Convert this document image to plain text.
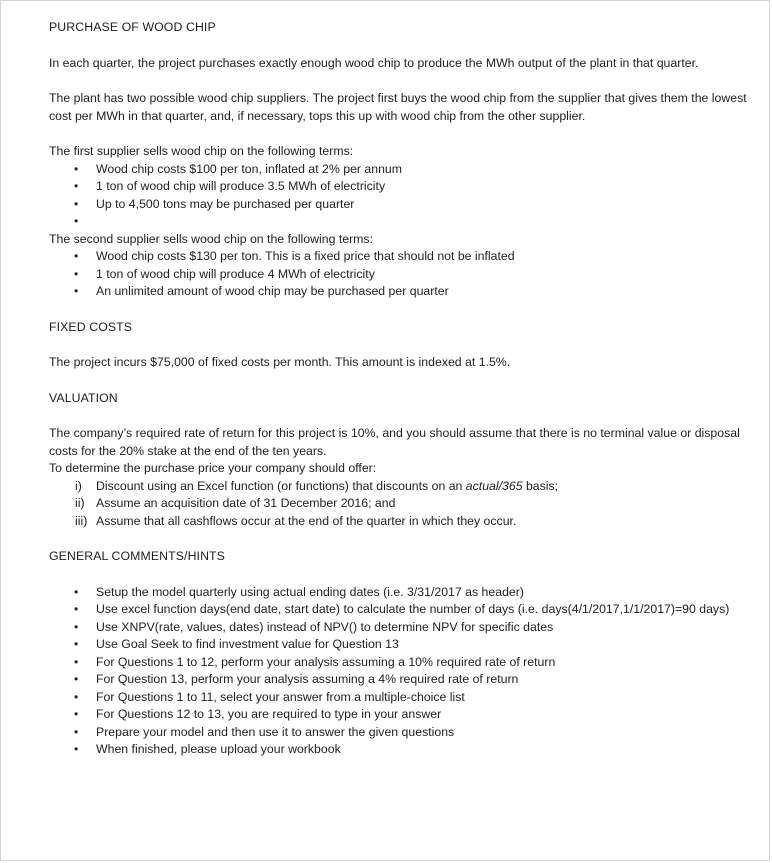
PURCHASE OF WOOD CHIP

In each quarter, the project purchases exactly enough wood chip to produce the MWh output of the plant in that quarter.

The plant has two possible wood chip suppliers. The project first buys the wood chip from the supplier that gives them the lowest cost per MWh in that quarter, and, if necessary, tops this up with wood chip from the other supplier.

The first supplier sells wood chip on the following terms:

• Wood chip costs $100 per ton, inflated at 2% per annum
• 1 ton of wood chip will produce 3.5 MWh of electricity
• Up to 4,500 tons may be purchased per quarter
•

The second supplier sells wood chip on the following terms:

• Wood chip costs $130 per ton. This is a fixed price that should not be inflated
• 1 ton of wood chip will produce 4 MWh of electricity
• An unlimited amount of wood chip may be purchased per quarter
FIXED COSTS

The project incurs $75,000 of fixed costs per month. This amount is indexed at 1.5%.

VALUATION

The company’s required rate of return for this project is 10%, and you should assume that there is no terminal value or disposal costs for the 20% stake at the end of the ten years.

To determine the purchase price your company should offer:

i) Discount using an Excel function (or functions) that discounts on an actual/365 basis;
ii) Assume an acquisition date of 31 December 2016; and
iii) Assume that all cashflows occur at the end of the quarter in which they occur.
GENERAL COMMENTS/HINTS
• Setup the model quarterly using actual ending dates (i.e. 3/31/2017 as header)
• Use excel function days(end date, start date) to calculate the number of days (i.e. days(4/1/2017,1/1/2017)=90 days)
• Use XNPV(rate, values, dates) instead of NPV() to determine NPV for specific dates
• Use Goal Seek to find investment value for Question 13
• For Questions 1 to 12, perform your analysis assuming a 10% required rate of return
• For Question 13, perform your analysis assuming a 4% required rate of return
• For Questions 1 to 11, select your answer from a multiple-choice list
• For Questions 12 to 13, you are required to type in your answer
• Prepare your model and then use it to answer the given questions
• When finished, please upload your workbook
